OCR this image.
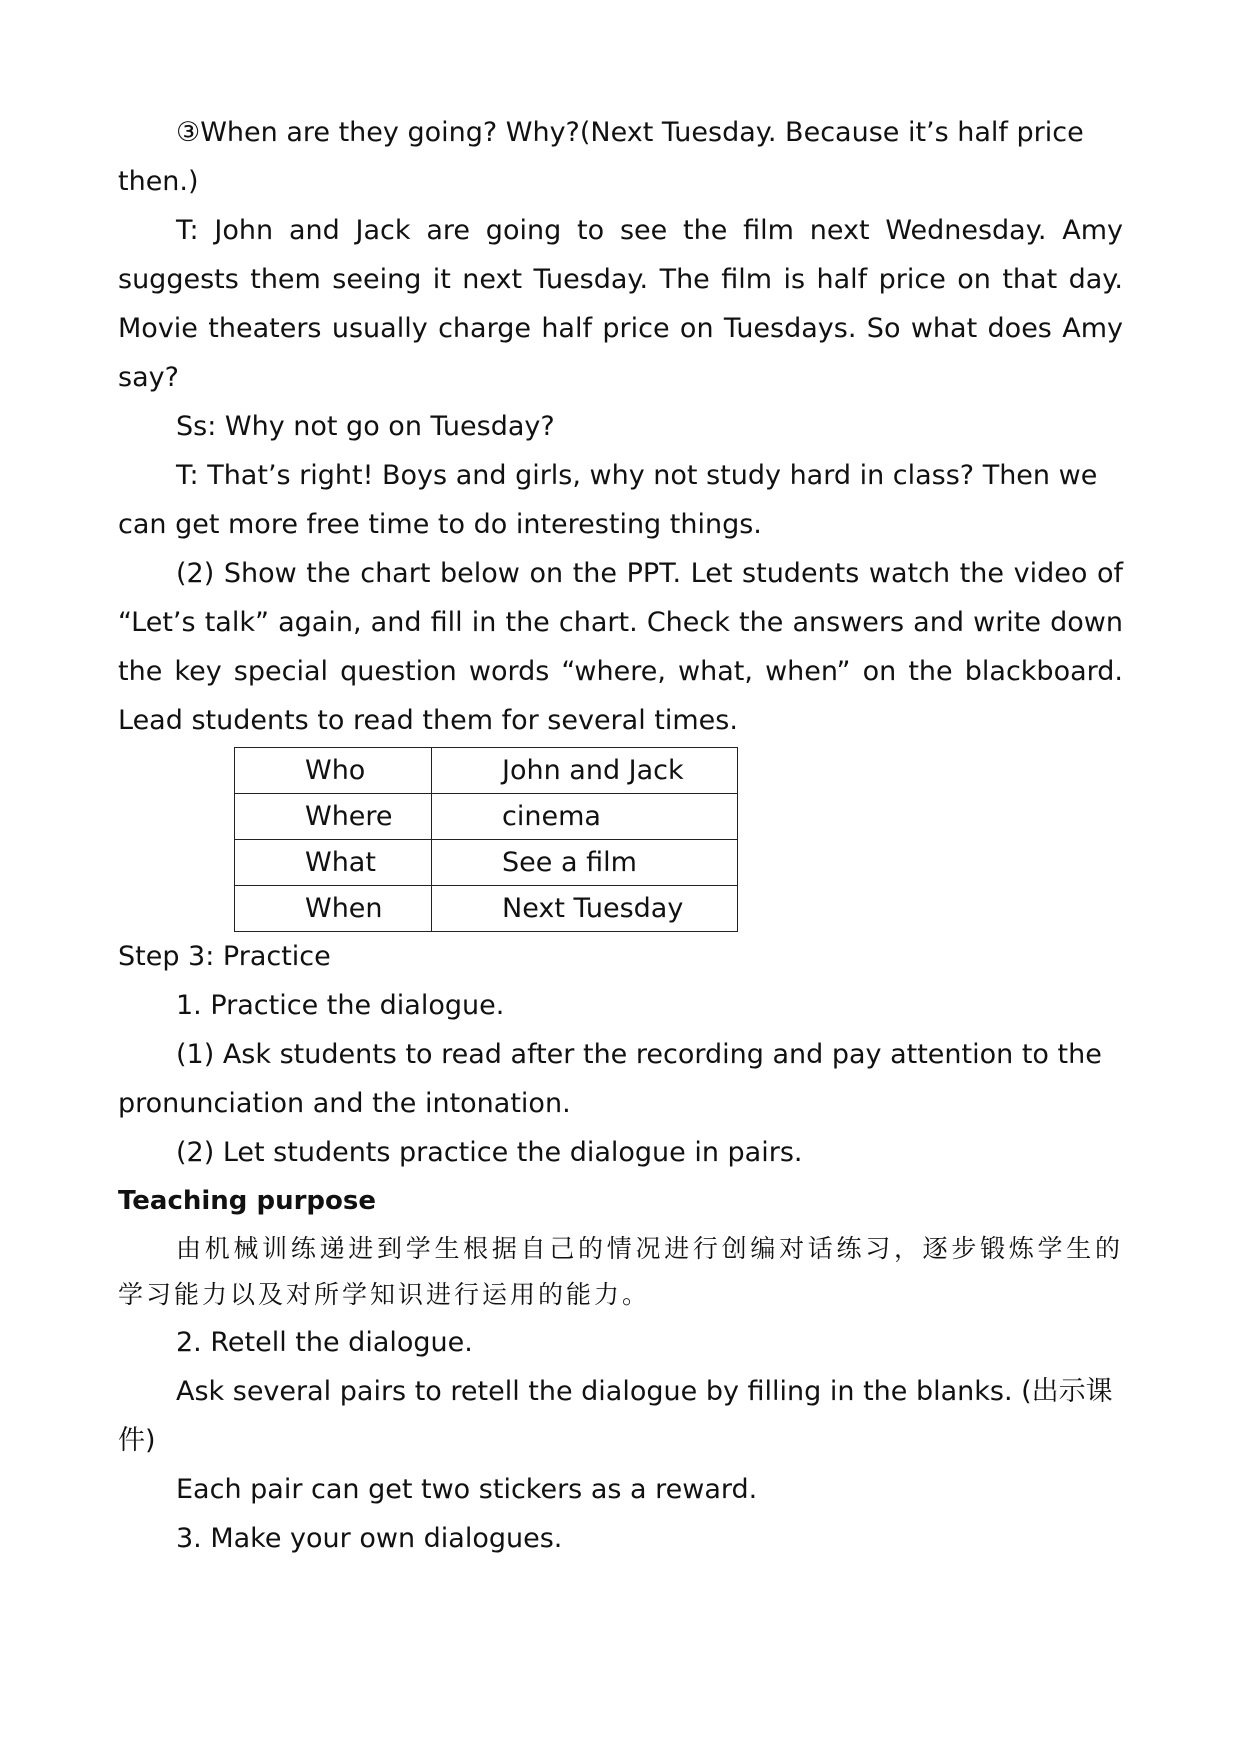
③When are they going? Why?(Next Tuesday. Because it’s half price then.)

T: John and Jack are going to see the film next Wednesday. Amy suggests them seeing it next Tuesday. The film is half price on that day. Movie theaters usually charge half price on Tuesdays. So what does Amy say?

Ss: Why not go on Tuesday?

T: That’s right! Boys and girls, why not study hard in class? Then we can get more free time to do interesting things.

(2) Show the chart below on the PPT. Let students watch the video of “Let’s talk” again, and fill in the chart. Check the answers and write down the key special question words “where, what, when” on the blackboard. Lead students to read them for several times.

Who	John and Jack
Where	cinema
What	See a film
When	Next Tuesday

Step 3: Practice

1. Practice the dialogue.

(1) Ask students to read after the recording and pay attention to the pronunciation and the intonation.

(2) Let students practice the dialogue in pairs.

Teaching purpose

由机械训练递进到学生根据自己的情况进行创编对话练习，逐步锻炼学生的学习能力以及对所学知识进行运用的能力。

2. Retell the dialogue.

Ask several pairs to retell the dialogue by filling in the blanks. (出示课件)

Each pair can get two stickers as a reward.

3. Make your own dialogues.
